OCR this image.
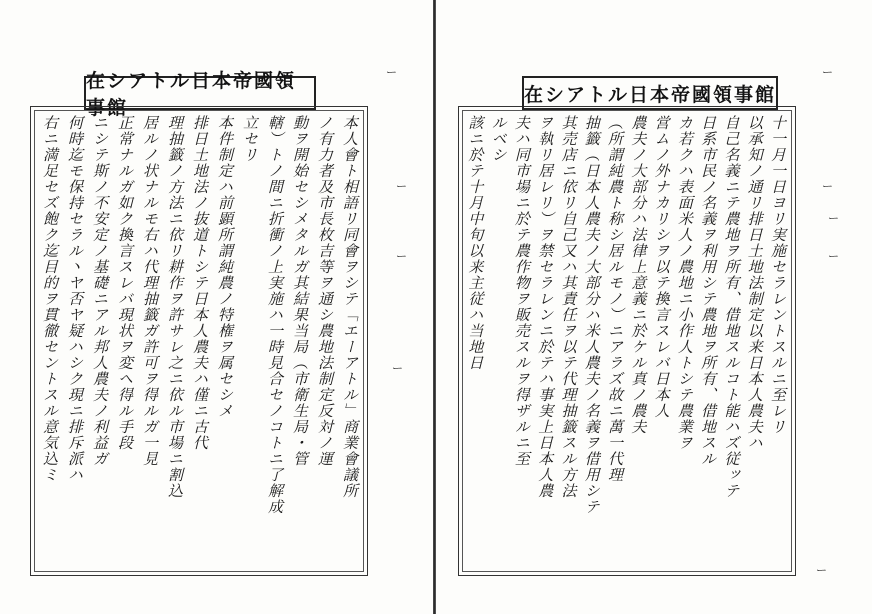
在シアトル日本帝國領事館
本人會ト相語リ同會ヲシテ「エーアトル」商業會議所
ノ有力者及市長枚吉等ヲ通シ農地法制定反対ノ運
動ヲ開始セシメタルガ其結果当局（市衛生局・管
轄）トノ間ニ折衝ノ上実施ハ一時見合セノコトニ了解成
立セリ
本件制定ハ前顕所謂純農ノ特権ヲ属セシメ
排日土地法ノ抜道トシテ日本人農夫ハ僅ニ古代
理抽籤ノ方法ニ依リ耕作ヲ許サレ之ニ依ル市場ニ割込
居ルノ状ナルモ右ハ代理抽籤ガ許可ヲ得ルガ一見
正常ナルガ如ク換言スレバ現状ヲ変ヘ得ル手段
ニシテ斯ノ不安定ノ基礎ニアル邦人農夫ノ利益ガ
何時迄モ保持セラル丶ヤ否ヤ疑ハシク現ニ排斥派ハ
右ニ満足セズ飽ク迄目的ヲ貫徹セントスル意気込ミ
ー
ー
ー
ー	十一月一日ヨリ実施セラレントスルニ至レリ
以承知ノ通リ排日土地法制定以来日本人農夫ハ
自己名義ニテ農地ヲ所有、借地スルコト能ハズ従ッテ
日系市民ノ名義ヲ利用シテ農地ヲ所有、借地スル
カ若クハ表面米人ノ農地ニ小作人トシテ農業ヲ
営ムノ外ナカリシヲ以テ換言スレバ日本人
農夫ノ大部分ハ法律上意義ニ於ケル真ノ農夫
（所謂純農ト称シ居ルモノ）ニアラズ故ニ萬一代理
抽籤（日本人農夫ノ大部分ハ米人農夫ノ名義ヲ借用シテ
其売店ニ依リ自己又ハ其責任ヲ以テ代理抽籤スル方法
ヲ執リ居レリ）ヲ禁セラレンニ於テハ事実上日本人農
夫ハ同市場ニ於テ農作物ヲ販売スルヲ得ザルニ至
ルベシ
該ニ於テ十月中旬以来主従ハ当地日
ー
ー
ー
ー
ー
在シアトル日本帝國領事館
